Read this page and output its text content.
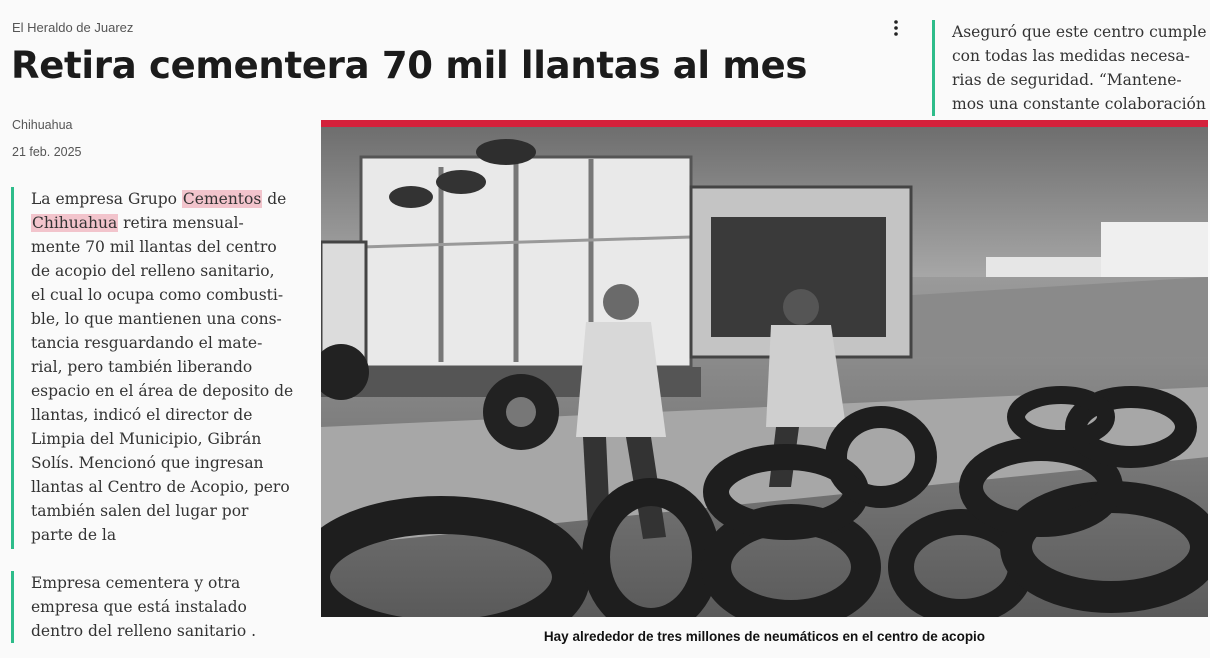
El Heraldo de Juarez
Retira cementera 70 mil llantas al mes

Aseguró que este centro cumple

con todas las medidas necesa-

rias de seguridad. “Mantene-

mos una constante colaboración

Chihuahua
21 feb. 2025

La empresa Grupo Cementos de

Chihuahua retira mensual-

mente 70 mil llantas del centro

de acopio del relleno sanitario,

el cual lo ocupa como combusti-

ble, lo que mantienen una cons-

tancia resguardando el mate-

rial, pero también liberando

espacio en el área de deposito de

llantas, indicó el director de

Limpia del Municipio, Gibrán

Solís. Mencionó que ingresan

llantas al Centro de Acopio, pero

también salen del lugar por

parte de la

Empresa cementera y otra

empresa que está instalado

dentro del relleno sanitario .	Hay alrededor de tres millones de neumáticos en el centro de acopio
